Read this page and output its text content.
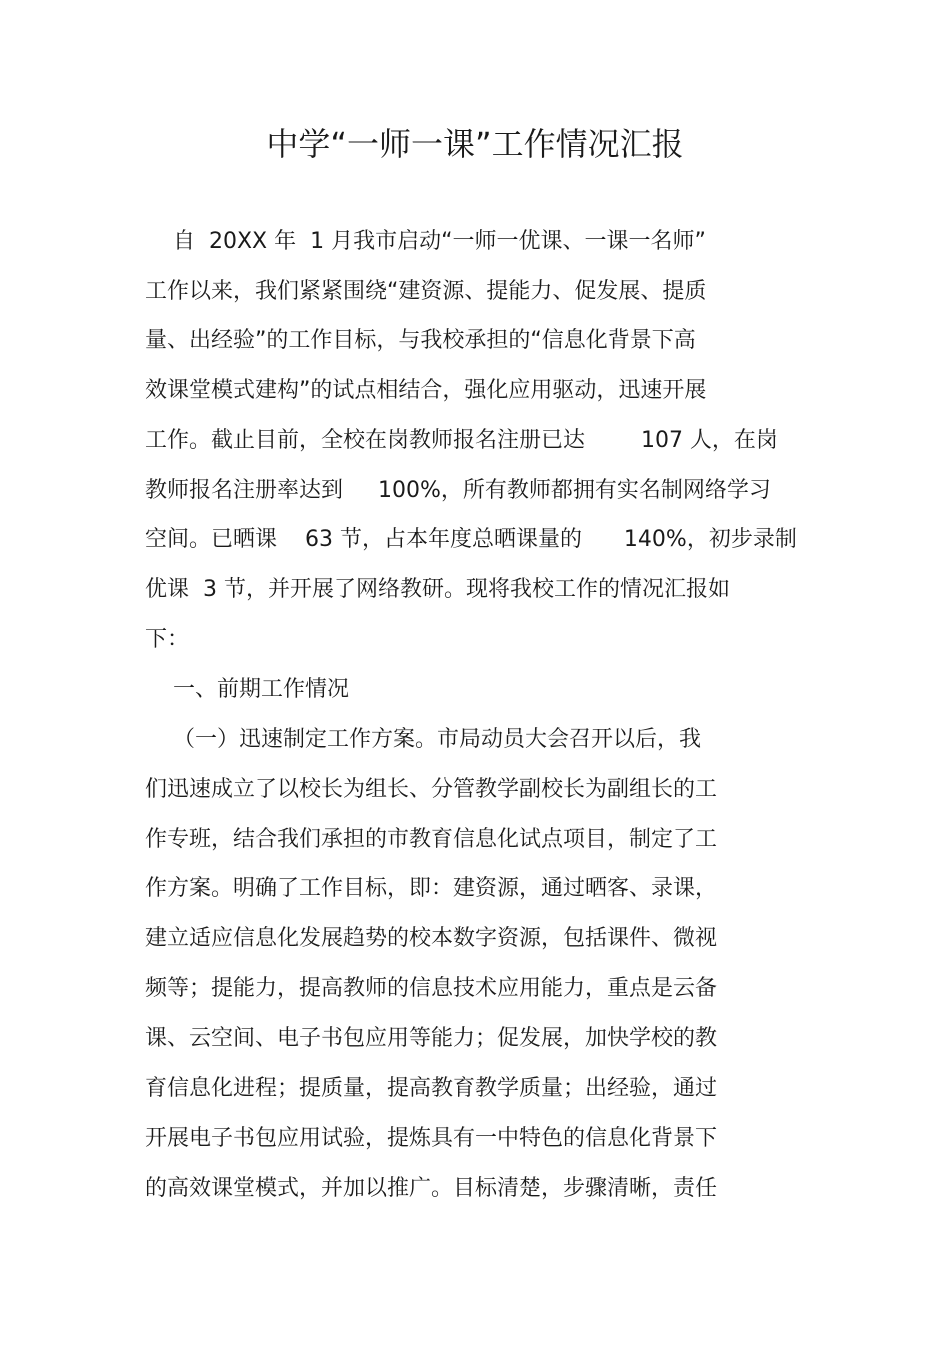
中学“一师一课”工作情况汇报
自  20XX 年  1 月我市启动“一师一优课、一课一名师”
工作以来，我们紧紧围绕“建资源、提能力、促发展、提质
量、出经验”的工作目标，与我校承担的“信息化背景下高
效课堂模式建构”的试点相结合，强化应用驱动，迅速开展
工作。截止目前，全校在岗教师报名注册已达        107 人，在岗
教师报名注册率达到     100%，所有教师都拥有实名制网络学习
空间。已晒课    63 节，占本年度总晒课量的      140%，初步录制
优课  3 节，并开展了网络教研。现将我校工作的情况汇报如
下：
一、前期工作情况
（一）迅速制定工作方案。市局动员大会召开以后，我
们迅速成立了以校长为组长、分管教学副校长为副组长的工
作专班，结合我们承担的市教育信息化试点项目，制定了工
作方案。明确了工作目标，即：建资源，通过晒客、录课，
建立适应信息化发展趋势的校本数字资源，包括课件、微视
频等；提能力，提高教师的信息技术应用能力，重点是云备
课、云空间、电子书包应用等能力；促发展，加快学校的教
育信息化进程；提质量，提高教育教学质量；出经验，通过
开展电子书包应用试验，提炼具有一中特色的信息化背景下
的高效课堂模式，并加以推广。目标清楚，步骤清晰，责任
